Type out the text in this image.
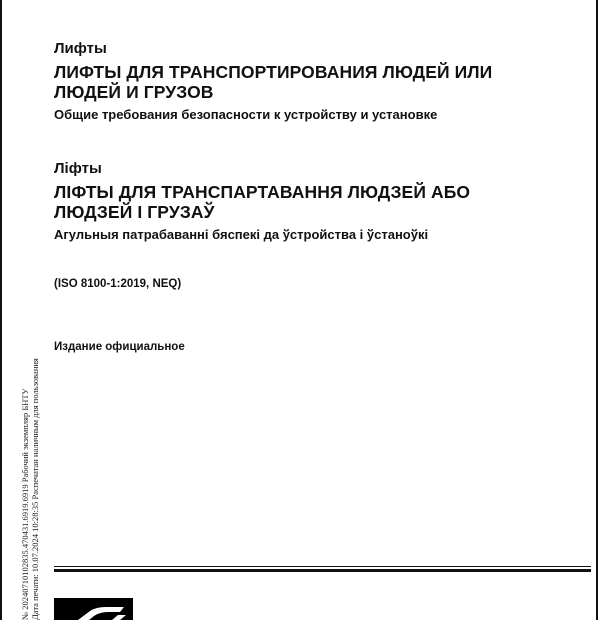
Лифты
ЛИФТЫ ДЛЯ ТРАНСПОРТИРОВАНИЯ ЛЮДЕЙ ИЛИ
ЛЮДЕЙ И ГРУЗОВ
Общие требования безопасности к устройству и установке
Ліфты
ЛІФТЫ ДЛЯ ТРАНСПАРТАВАННЯ ЛЮДЗЕЙ АБО
ЛЮДЗЕЙ І ГРУЗАЎ
Агульныя патрабаванні бяспекі да ўстройства і ўстаноўкі
(ISO 8100-1:2019, NEQ)
Издание официальное
№ 20240710102835.470431.6919.6919 Рабочий экземпляр БНТУ Дата печати: 10.07.2024 10:28:35 Распечатан наличным для пользования
